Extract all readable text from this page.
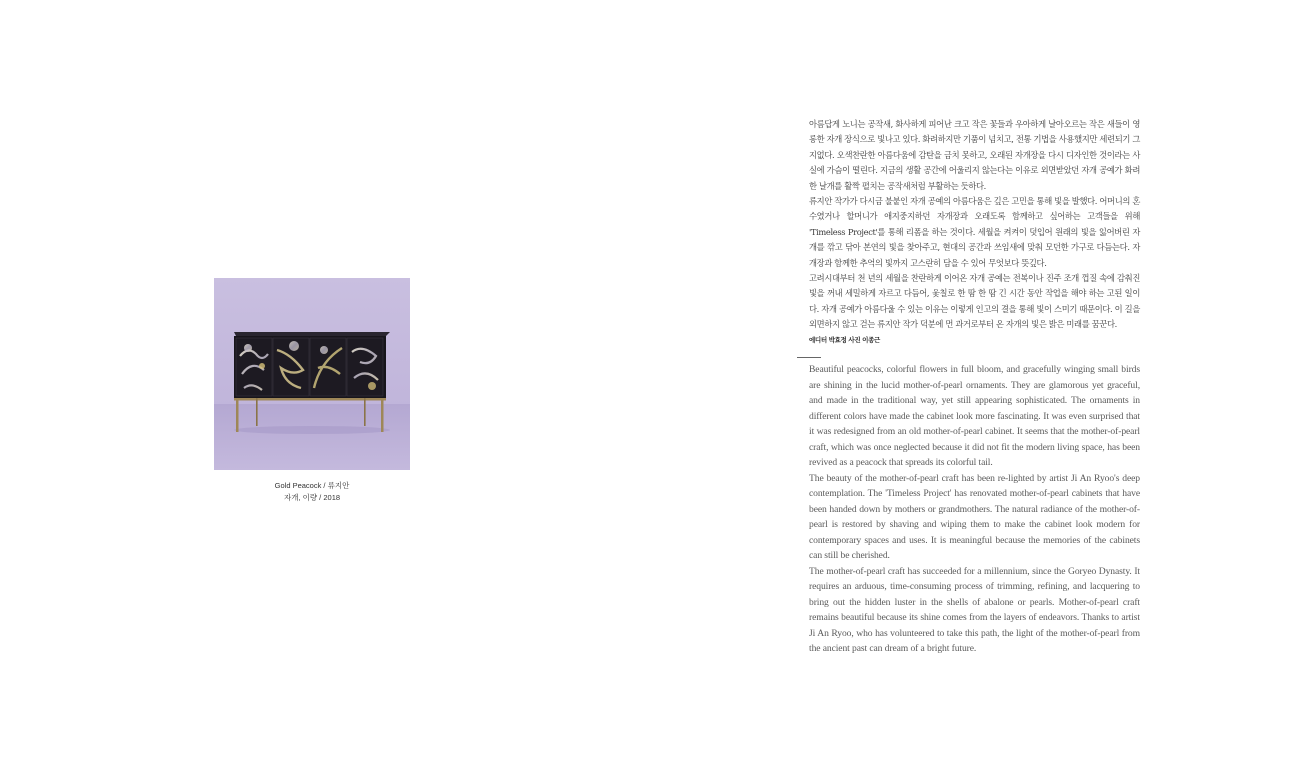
Gold Peacock / 류지안
자개, 이량 / 2018

아름답게 노니는 공작새, 화사하게 피어난 크고 작은 꽃들과 우아하게 날아오르는 작은 새들이 영롱한 자개 장식으로 빛나고 있다. 화려하지만 기품이 넘치고, 전통 기법을 사용했지만 세련되기 그지없다. 오색찬란한 아름다움에 감탄을 금치 못하고, 오래된 자개장을 다시 디자인한 것이라는 사실에 가슴이 떨린다. 지금의 생활 공간에 어울리지 않는다는 이유로 외면받았던 자개 공예가 화려한 날개를 활짝 펼치는 공작새처럼 부활하는 듯하다.

류지안 작가가 다시금 불붙인 자개 공예의 아름다움은 깊은 고민을 통해 빛을 발했다. 어머니의 혼수였거나 할머니가 애지중지하던 자개장과 오래도록 함께하고 싶어하는 고객들을 위해 'Timeless Project'를 통해 리폼을 하는 것이다. 세월을 켜켜이 덧입어 원래의 빛을 잃어버린 자개를 깎고 닦아 본연의 빛을 찾아주고, 현대의 공간과 쓰임새에 맞춰 모던한 가구로 다듬는다. 자개장과 함께한 추억의 빛까지 고스란히 담을 수 있어 무엇보다 뜻깊다.

고려시대부터 천 년의 세월을 찬란하게 이어온 자개 공예는 전복이나 진주 조개 껍질 속에 감춰진 빛을 꺼내 세밀하게 자르고 다듬어, 옻칠로 한 땀 한 땀 긴 시간 동안 작업을 해야 하는 고된 일이다. 자개 공예가 아름다울 수 있는 이유는 이렇게 인고의 결을 통해 빛이 스미기 때문이다. 이 길을 외면하지 않고 걷는 류지안 작가 덕분에 먼 과거로부터 온 자개의 빛은 밝은 미래를 꿈꾼다.

에디터 박효정 사진 이종근

Beautiful peacocks, colorful flowers in full bloom, and gracefully winging small birds are shining in the lucid mother-of-pearl ornaments. They are glamorous yet graceful, and made in the traditional way, yet still appearing sophisticated. The ornaments in different colors have made the cabinet look more fascinating. It was even surprised that it was redesigned from an old mother-of-pearl cabinet. It seems that the mother-of-pearl craft, which was once neglected because it did not fit the modern living space, has been revived as a peacock that spreads its colorful tail.

The beauty of the mother-of-pearl craft has been re-lighted by artist Ji An Ryoo's deep contemplation. The 'Timeless Project' has renovated mother-of-pearl cabinets that have been handed down by mothers or grandmothers. The natural radiance of the mother-of-pearl is restored by shaving and wiping them to make the cabinet look modern for contemporary spaces and uses. It is meaningful because the memories of the cabinets can still be cherished.

The mother-of-pearl craft has succeeded for a millennium, since the Goryeo Dynasty. It requires an arduous, time-consuming process of trimming, refining, and lacquering to bring out the hidden luster in the shells of abalone or pearls. Mother-of-pearl craft remains beautiful because its shine comes from the layers of endeavors. Thanks to artist Ji An Ryoo, who has volunteered to take this path, the light of the mother-of-pearl from the ancient past can dream of a bright future.
